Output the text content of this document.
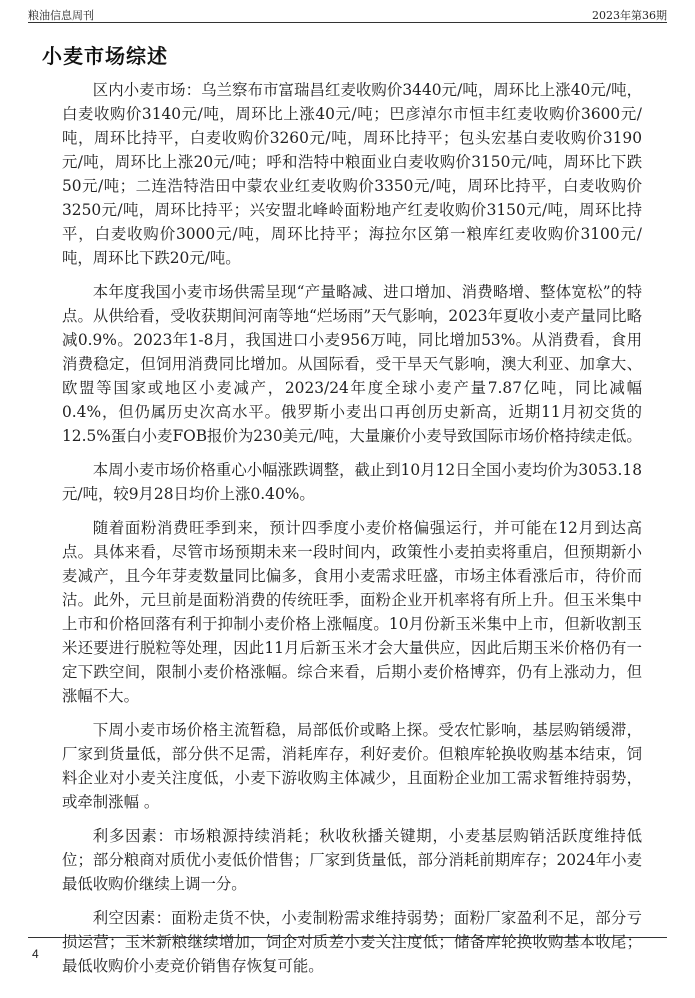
粮油信息周刊	2023年第36期
小麦市场综述

区内小麦市场：乌兰察布市富瑞昌红麦收购价3440元/吨，周环比上涨40元/吨，白麦收购价3140元/吨，周环比上涨40元/吨；巴彦淖尔市恒丰红麦收购价3600元/吨，周环比持平，白麦收购价3260元/吨，周环比持平；包头宏基白麦收购价3190元/吨，周环比上涨20元/吨；呼和浩特中粮面业白麦收购价3150元/吨，周环比下跌50元/吨；二连浩特浩田中蒙农业红麦收购价3350元/吨，周环比持平，白麦收购价3250元/吨，周环比持平；兴安盟北峰岭面粉地产红麦收购价3150元/吨，周环比持平，白麦收购价3000元/吨，周环比持平；海拉尔区第一粮库红麦收购价3100元/吨，周环比下跌20元/吨。

本年度我国小麦市场供需呈现“产量略减、进口增加、消费略增、整体宽松”的特点。从供给看，受收获期间河南等地“烂场雨”天气影响，2023年夏收小麦产量同比略减0.9%。2023年1-8月，我国进口小麦956万吨，同比增加53%。从消费看，食用消费稳定，但饲用消费同比增加。从国际看，受干旱天气影响，澳大利亚、加拿大、欧盟等国家或地区小麦减产，2023/24年度全球小麦产量7.87亿吨，同比减幅0.4%，但仍属历史次高水平。俄罗斯小麦出口再创历史新高，近期11月初交货的12.5%蛋白小麦FOB报价为230美元/吨，大量廉价小麦导致国际市场价格持续走低。

本周小麦市场价格重心小幅涨跌调整，截止到10月12日全国小麦均价为3053.18元/吨，较9月28日均价上涨0.40%。

随着面粉消费旺季到来，预计四季度小麦价格偏强运行，并可能在12月到达高点。具体来看，尽管市场预期未来一段时间内，政策性小麦拍卖将重启，但预期新小麦减产，且今年芽麦数量同比偏多，食用小麦需求旺盛，市场主体看涨后市，待价而沽。此外，元旦前是面粉消费的传统旺季，面粉企业开机率将有所上升。但玉米集中上市和价格回落有利于抑制小麦价格上涨幅度。10月份新玉米集中上市，但新收割玉米还要进行脱粒等处理，因此11月后新玉米才会大量供应，因此后期玉米价格仍有一定下跌空间，限制小麦价格涨幅。综合来看，后期小麦价格博弈，仍有上涨动力，但涨幅不大。

下周小麦市场价格主流暂稳，局部低价或略上探。受农忙影响，基层购销缓滞，厂家到货量低，部分供不足需，消耗库存，利好麦价。但粮库轮换收购基本结束，饲料企业对小麦关注度低，小麦下游收购主体减少，且面粉企业加工需求暂维持弱势，或牵制涨幅 。

利多因素：市场粮源持续消耗；秋收秋播关键期，小麦基层购销活跃度维持低位；部分粮商对质优小麦低价惜售；厂家到货量低，部分消耗前期库存；2024年小麦最低收购价继续上调一分。

利空因素：面粉走货不快，小麦制粉需求维持弱势；面粉厂家盈利不足，部分亏损运营；玉米新粮继续增加，饲企对质差小麦关注度低；储备库轮换收购基本收尾；最低收购价小麦竞价销售存恢复可能。

4
